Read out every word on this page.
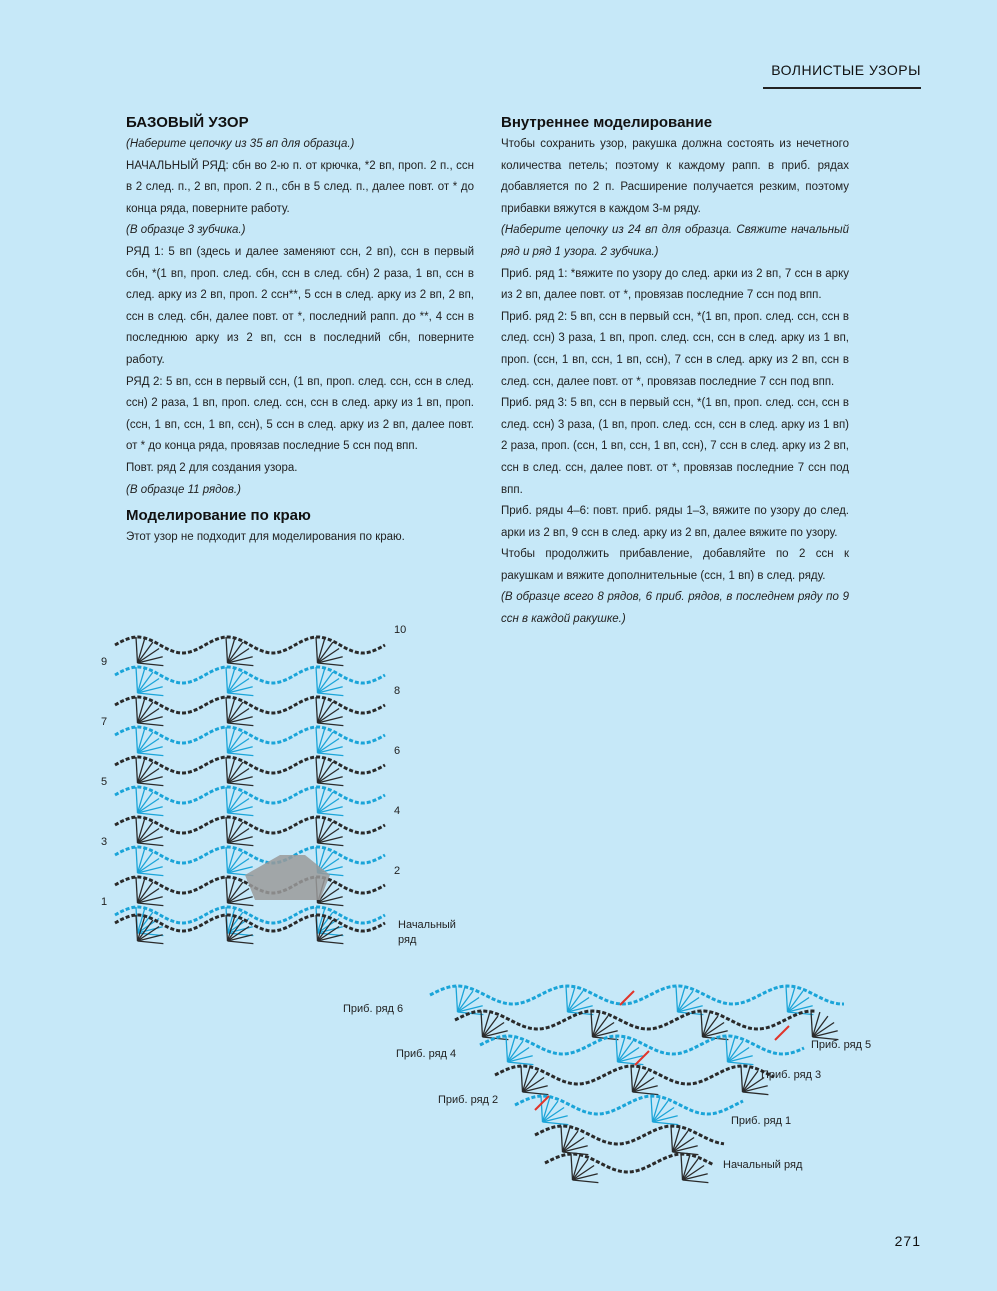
ВОЛНИСТЫЕ УЗОРЫ
БАЗОВЫЙ УЗОР

(Наберите цепочку из 35 вп для образца.)

НАЧАЛЬНЫЙ РЯД: сбн во 2-ю п. от крючка, *2 вп, проп. 2 п., ссн в 2 след. п., 2 вп, проп. 2 п., сбн в 5 след. п., далее повт. от * до конца ряда, поверните работу.

(В образце 3 зубчика.)

РЯД 1: 5 вп (здесь и далее заменяют ссн, 2 вп), ссн в первый сбн, *(1 вп, проп. след. сбн, ссн в след. сбн) 2 раза, 1 вп, ссн в след. арку из 2 вп, проп. 2 ссн**, 5 ссн в след. арку из 2 вп, 2 вп, ссн в след. сбн, далее повт. от *, последний рапп. до **, 4 ссн в последнюю арку из 2 вп, ссн в последний сбн, поверните работу.

РЯД 2: 5 вп, ссн в первый ссн, (1 вп, проп. след. ссн, ссн в след. ссн) 2 раза, 1 вп, проп. след. ссн, ссн в след. арку из 1 вп, проп. (ссн, 1 вп, ссн, 1 вп, ссн), 5 ссн в след. арку из 2 вп, далее повт. от * до конца ряда, провязав последние 5 ссн под впп.

Повт. ряд 2 для создания узора.

(В образце 11 рядов.)

Моделирование по краю

Этот узор не подходит для моделирования по краю.

Внутреннее моделирование

Чтобы сохранить узор, ракушка должна состоять из нечетного количества петель; поэтому к каждому рапп. в приб. рядах добавляется по 2 п. Расширение получается резким, поэтому прибавки вяжутся в каждом 3-м ряду.

(Наберите цепочку из 24 вп для образца. Свяжите начальный ряд и ряд 1 узора. 2 зубчика.)

Приб. ряд 1: *вяжите по узору до след. арки из 2 вп, 7 ссн в арку из 2 вп, далее повт. от *, провязав последние 7 ссн под впп.

Приб. ряд 2: 5 вп, ссн в первый ссн, *(1 вп, проп. след. ссн, ссн в след. ссн) 3 раза, 1 вп, проп. след. ссн, ссн в след. арку из 1 вп, проп. (ссн, 1 вп, ссн, 1 вп, ссн), 7 ссн в след. арку из 2 вп, ссн в след. ссн, далее повт. от *, провязав последние 7 ссн под впп.

Приб. ряд 3: 5 вп, ссн в первый ссн, *(1 вп, проп. след. ссн, ссн в след. ссн) 3 раза, (1 вп, проп. след. ссн, ссн в след. арку из 1 вп) 2 раза, проп. (ссн, 1 вп, ссн, 1 вп, ссн), 7 ссн в след. арку из 2 вп, ссн в след. ссн, далее повт. от *, провязав последние 7 ссн под впп.

Приб. ряды 4–6: повт. приб. ряды 1–3, вяжите по узору до след. арки из 2 вп, 9 ссн в след. арку из 2 вп, далее вяжите по узору.

Чтобы продолжить прибавление, добавляйте по 2 ссн к ракушкам и вяжите дополнительные (ссн, 1 вп) в след. ряду.

(В образце всего 8 рядов, 6 приб. рядов, в последнем ряду по 9 ссн в каждой ракушке.)

9
7
5
3
1
10
8
6
4
2
Начальный
ряд
Приб. ряд 6
Приб. ряд 4
Приб. ряд 2
Приб. ряд 5
Приб. ряд 3
Приб. ряд 1
Начальный ряд
271
